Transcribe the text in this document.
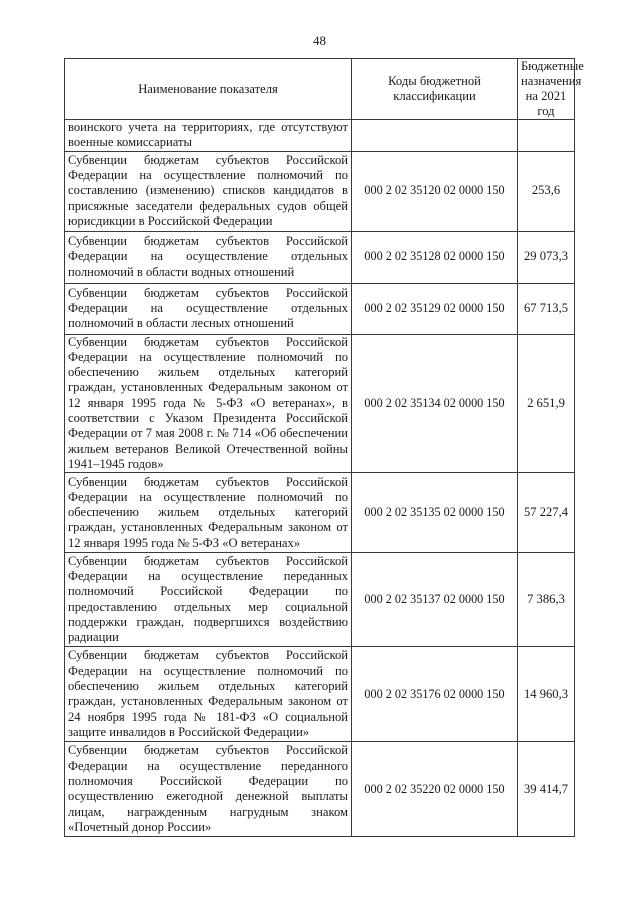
48
Наименование показателя	Коды бюджетной классификации	Бюджетные назначения на 2021 год
воинского учета на территориях, где отсутствуют военные комиссариаты		
Субвенции бюджетам субъектов Российской Федерации на осуществление полномочий по составлению (изменению) списков кандидатов в присяжные заседатели федеральных судов общей юрисдикции в Российской Федерации	000 2 02 35120 02 0000 150	253,6
Субвенции бюджетам субъектов Российской Федерации на осуществление отдельных полномочий в области водных отношений	000 2 02 35128 02 0000 150	29 073,3
Субвенции бюджетам субъектов Российской Федерации на осуществление отдельных полномочий в области лесных отношений	000 2 02 35129 02 0000 150	67 713,5
Субвенции бюджетам субъектов Российской Федерации на осуществление полномочий по обеспечению жильем отдельных категорий граждан, установленных Федеральным законом от 12 января 1995 года № 5-ФЗ «О ветеранах», в соответствии с Указом Президента Российской Федерации от 7 мая 2008 г. № 714 «Об обеспечении жильем ветеранов Великой Отечественной войны 1941–1945 годов»	000 2 02 35134 02 0000 150	2 651,9
Субвенции бюджетам субъектов Российской Федерации на осуществление полномочий по обеспечению жильем отдельных категорий граждан, установленных Федеральным законом от 12 января 1995 года № 5-ФЗ «О ветеранах»	000 2 02 35135 02 0000 150	57 227,4
Субвенции бюджетам субъектов Российской Федерации на осуществление переданных полномочий Российской Федерации по предоставлению отдельных мер социальной поддержки граждан, подвергшихся воздействию радиации	000 2 02 35137 02 0000 150	7 386,3
Субвенции бюджетам субъектов Российской Федерации на осуществление полномочий по обеспечению жильем отдельных категорий граждан, установленных Федеральным законом от 24 ноября 1995 года № 181-ФЗ «О социальной защите инвалидов в Российской Федерации»	000 2 02 35176 02 0000 150	14 960,3
Субвенции бюджетам субъектов Российской Федерации на осуществление переданного полномочия Российской Федерации по осуществлению ежегодной денежной выплаты лицам, награжденным нагрудным знаком «Почетный донор России»	000 2 02 35220 02 0000 150	39 414,7
